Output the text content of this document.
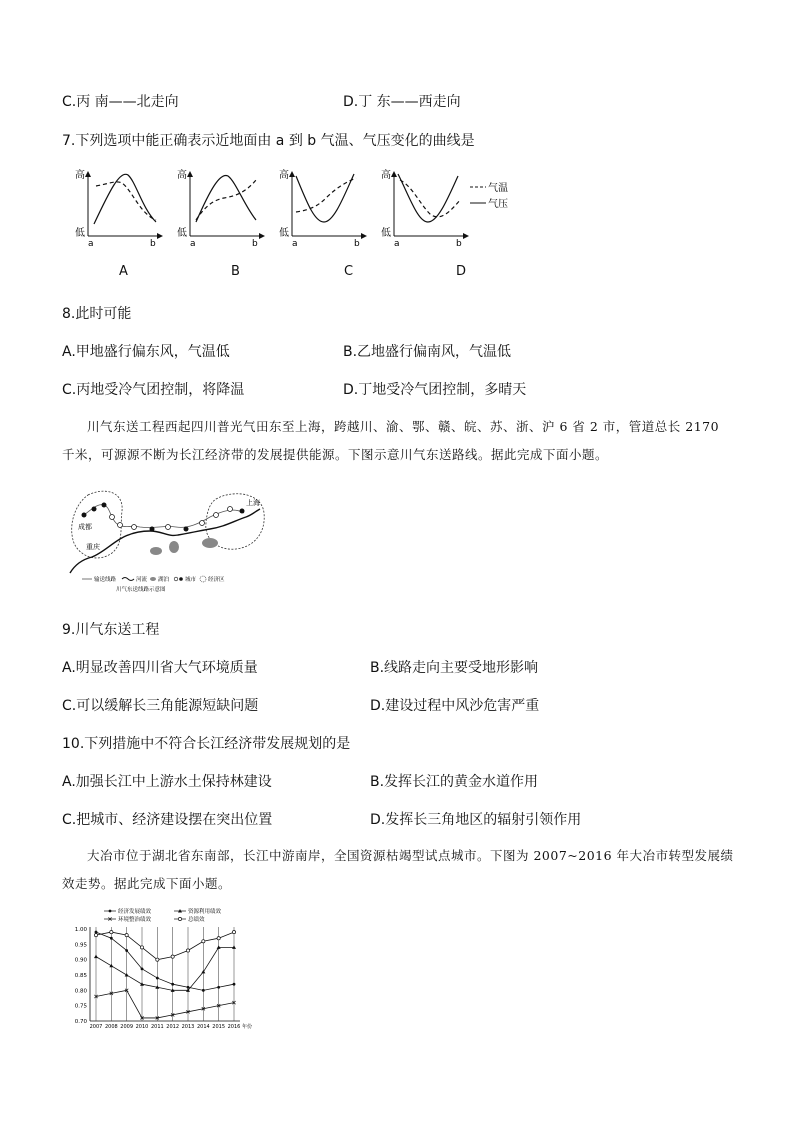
C.丙 南——北走向	D.丁 东——西走向
7.下列选项中能正确表示近地面由 a 到 b 气温、气压变化的曲线是
高
低
a	b
高
低
a	b
高
低
a	b
高
低
a	b
气温
气压
A	B	C	D
8.此时可能
A.甲地盛行偏东风，气温低	B.乙地盛行偏南风，气温低
C.丙地受冷气团控制，将降温	D.丁地受冷气团控制，多晴天
川气东送工程西起四川普光气田东至上海，跨越川、渝、鄂、赣、皖、苏、浙、沪 6 省 2 市，管道总长 2170 千米，可源源不断为长江经济带的发展提供能源。下图示意川气东送路线。据此完成下面小题。
成都
重庆
上海
输送线路	河流 湖泊	城市 经济区
川气东送线路示意图
9.川气东送工程
A.明显改善四川省大气环境质量	B.线路走向主要受地形影响
C.可以缓解长三角能源短缺问题	D.建设过程中风沙危害严重
10.下列措施中不符合长江经济带发展规划的是
A.加强长江中上游水土保持林建设	B.发挥长江的黄金水道作用
C.把城市、经济建设摆在突出位置	D.发挥长三角地区的辐射引领作用
大冶市位于湖北省东南部，长江中游南岸，全国资源枯竭型试点城市。下图为 2007~2016 年大冶市转型发展绩效走势。据此完成下面小题。
经济发展绩效	资源利用绩效
环境整治绩效	总绩效
0.70
0.75
0.80
0.85
0.90
0.95
1.00
2007 2008 2009 2010 2011 2012 2013 2014 2015 2016 年份
